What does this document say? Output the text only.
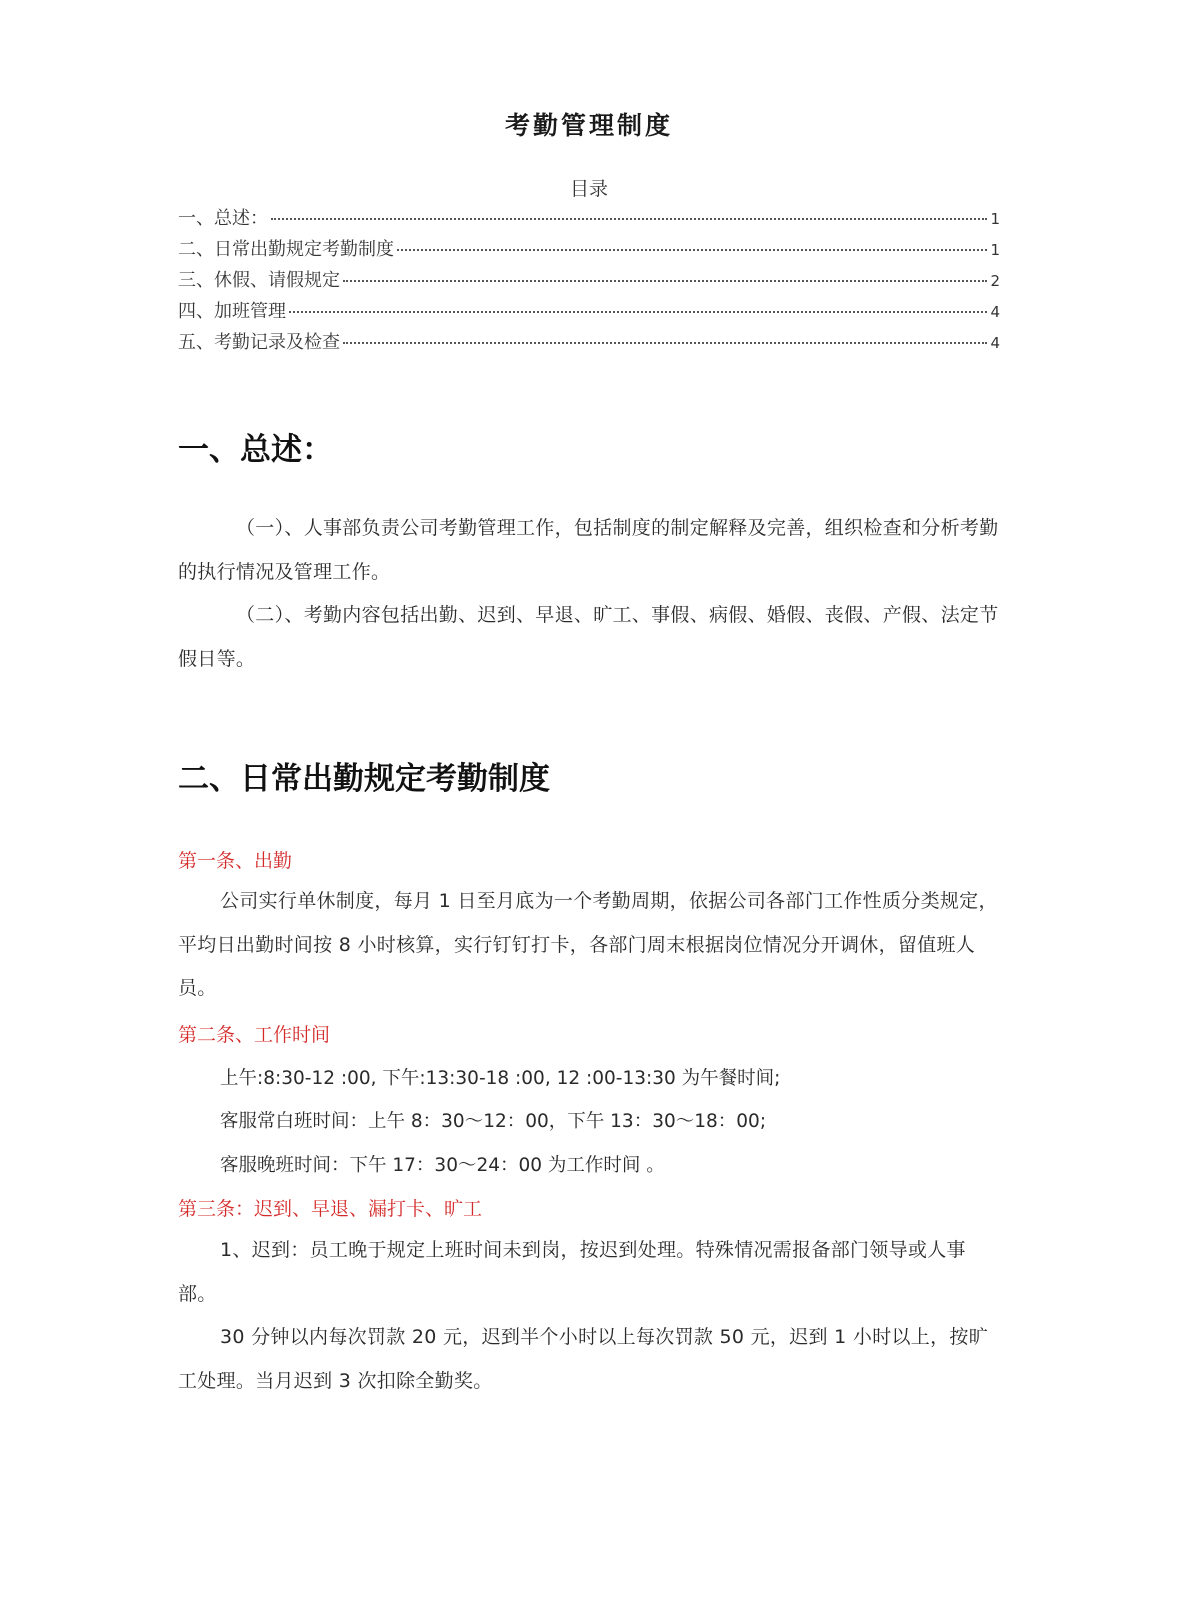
考勤管理制度
目录
一、总述：	1
二、日常出勤规定考勤制度	1
三、休假、请假规定	2
四、加班管理	4
五、考勤记录及检查	4
一、总述：
（一）、人事部负责公司考勤管理工作，包括制度的制定解释及完善，组织检查和分析考勤的执行情况及管理工作。
（二）、考勤内容包括出勤、迟到、早退、旷工、事假、病假、婚假、丧假、产假、法定节假日等。
二、日常出勤规定考勤制度
第一条、出勤
公司实行单休制度，每月 1 日至月底为一个考勤周期，依据公司各部门工作性质分类规定，平均日出勤时间按 8 小时核算，实行钉钉打卡，各部门周末根据岗位情况分开调休，留值班人员。
第二条、工作时间
上午:8:30-12 :00, 下午:13:30-18 :00, 12 :00-13:30 为午餐时间;
客服常白班时间：上午 8：30～12：00，下午 13：30～18：00;
客服晚班时间：下午 17：30～24：00 为工作时间 。
第三条：迟到、早退、漏打卡、旷工
1、迟到：员工晚于规定上班时间未到岗，按迟到处理。特殊情况需报备部门领导或人事部。
30 分钟以内每次罚款 20 元，迟到半个小时以上每次罚款 50 元，迟到 1 小时以上，按旷工处理。当月迟到 3 次扣除全勤奖。
